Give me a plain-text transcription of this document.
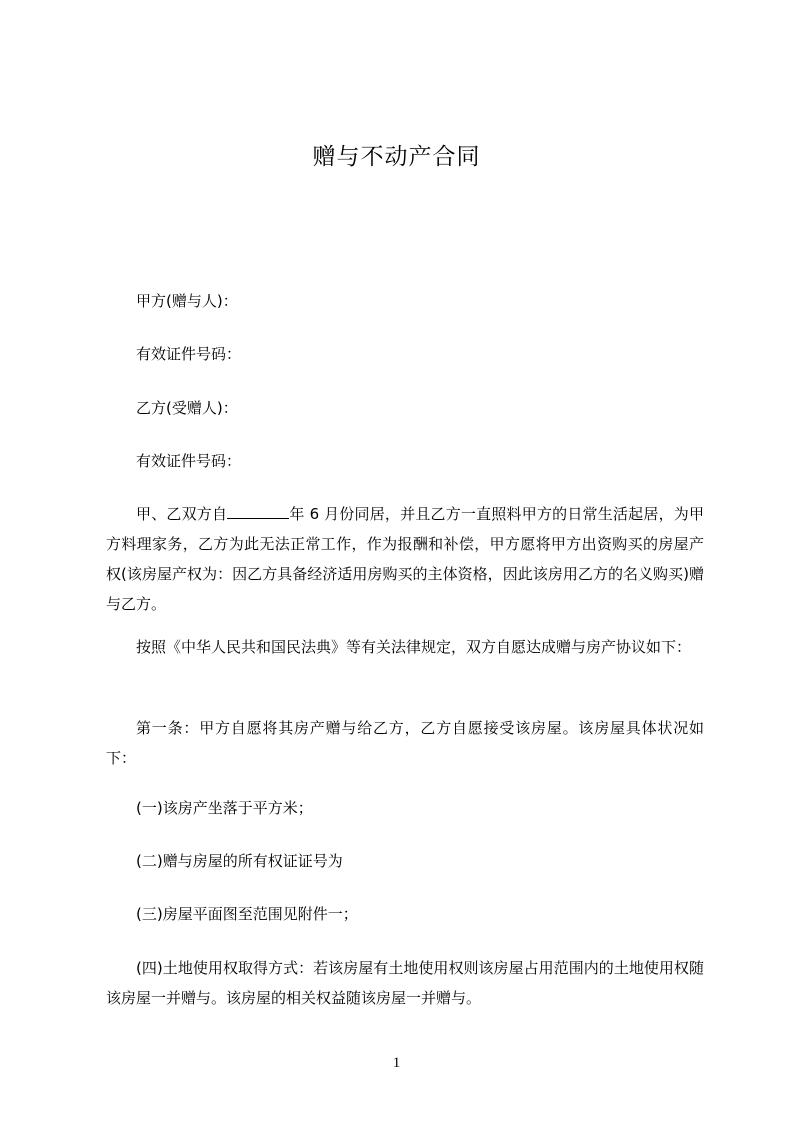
赠与不动产合同
甲方(赠与人)：
有效证件号码：
乙方(受赠人)：
有效证件号码：
甲、乙双方自	年 6 月份同居，并且乙方一直照料甲方的日常生活起居，为甲方料理家务，乙方为此无法正常工作，作为报酬和补偿，甲方愿将甲方出资购买的房屋产权(该房屋产权为：因乙方具备经济适用房购买的主体资格，因此该房用乙方的名义购买)赠与乙方。
按照《中华人民共和国民法典》等有关法律规定，双方自愿达成赠与房产协议如下：
第一条：甲方自愿将其房产赠与给乙方，乙方自愿接受该房屋。该房屋具体状况如下：
(一)该房产坐落于平方米；
(二)赠与房屋的所有权证证号为
(三)房屋平面图至范围见附件一；
(四)土地使用权取得方式：若该房屋有土地使用权则该房屋占用范围内的土地使用权随该房屋一并赠与。该房屋的相关权益随该房屋一并赠与。
1
